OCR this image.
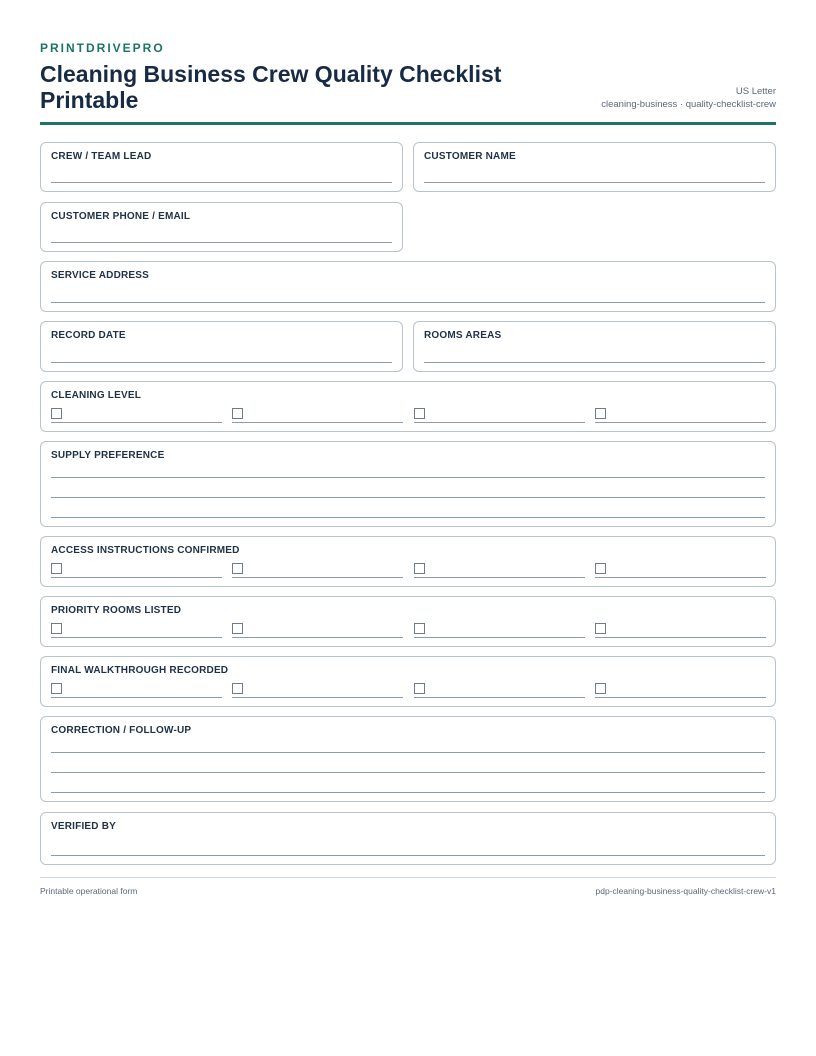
PRINTDRIVEPRO
Cleaning Business Crew Quality Checklist Printable	US Letter
cleaning-business · quality-checklist-crew
CREW / TEAM LEAD	CUSTOMER NAME
CUSTOMER PHONE / EMAIL
SERVICE ADDRESS
RECORD DATE	ROOMS AREAS
CLEANING LEVEL
SUPPLY PREFERENCE
ACCESS INSTRUCTIONS CONFIRMED
PRIORITY ROOMS LISTED
FINAL WALKTHROUGH RECORDED
CORRECTION / FOLLOW-UP
VERIFIED BY
Printable operational form	pdp-cleaning-business-quality-checklist-crew-v1
